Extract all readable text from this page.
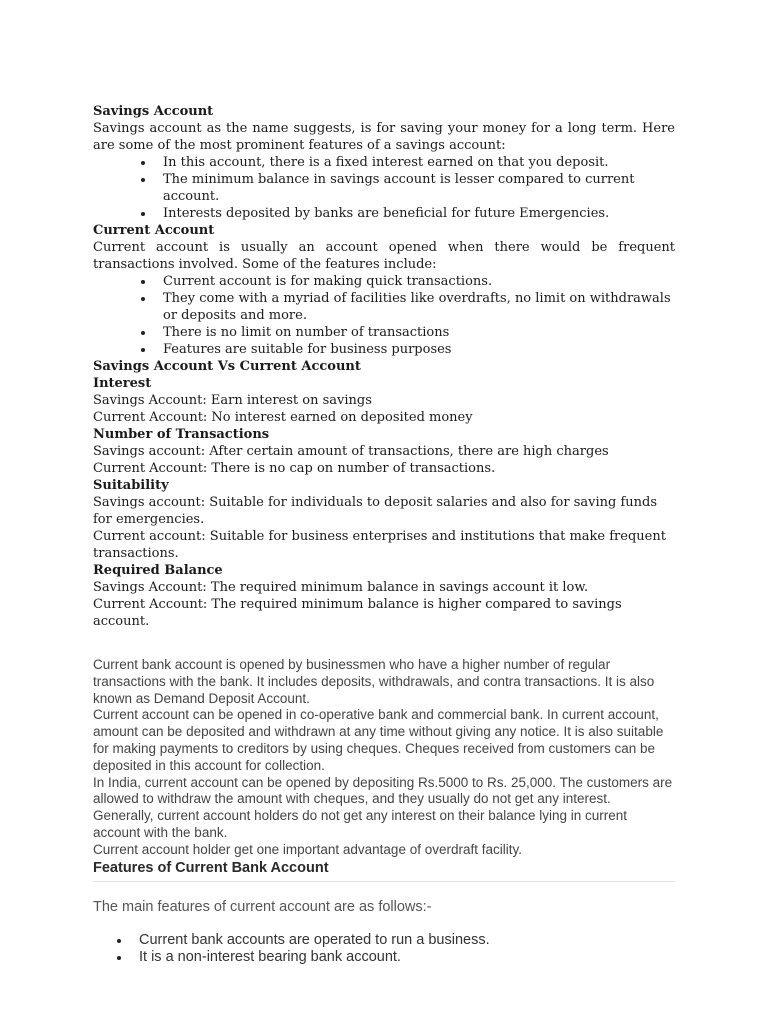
Savings Account

Savings account as the name suggests, is for saving your money for a long term. Here are some of the most prominent features of a savings account:

In this account, there is a fixed interest earned on that you deposit.
The minimum balance in savings account is lesser compared to current account.
Interests deposited by banks are beneficial for future Emergencies.

Current Account

Current account is usually an account opened when there would be frequent transactions involved. Some of the features include:

Current account is for making quick transactions.
They come with a myriad of facilities like overdrafts, no limit on withdrawals or deposits and more.
There is no limit on number of transactions
Features are suitable for business purposes

Savings Account Vs Current Account

Interest

Savings Account: Earn interest on savings

Current Account: No interest earned on deposited money

Number of Transactions

Savings account: After certain amount of transactions, there are high charges

Current Account: There is no cap on number of transactions.

Suitability

Savings account: Suitable for individuals to deposit salaries and also for saving funds for emergencies.

Current account: Suitable for business enterprises and institutions that make frequent transactions.

Required Balance

Savings Account: The required minimum balance in savings account it low.

Current Account: The required minimum balance is higher compared to savings account.

Current bank account is opened by businessmen who have a higher number of regular transactions with the bank. It includes deposits, withdrawals, and contra transactions. It is also known as Demand Deposit Account.

Current account can be opened in co-operative bank and commercial bank. In current account, amount can be deposited and withdrawn at any time without giving any notice. It is also suitable for making payments to creditors by using cheques. Cheques received from customers can be deposited in this account for collection.

In India, current account can be opened by depositing Rs.5000 to Rs. 25,000. The customers are allowed to withdraw the amount with cheques, and they usually do not get any interest. Generally, current account holders do not get any interest on their balance lying in current account with the bank.

Current account holder get one important advantage of overdraft facility.

Features of Current Bank Account

The main features of current account are as follows:-

Current bank accounts are operated to run a business.
It is a non-interest bearing bank account.
